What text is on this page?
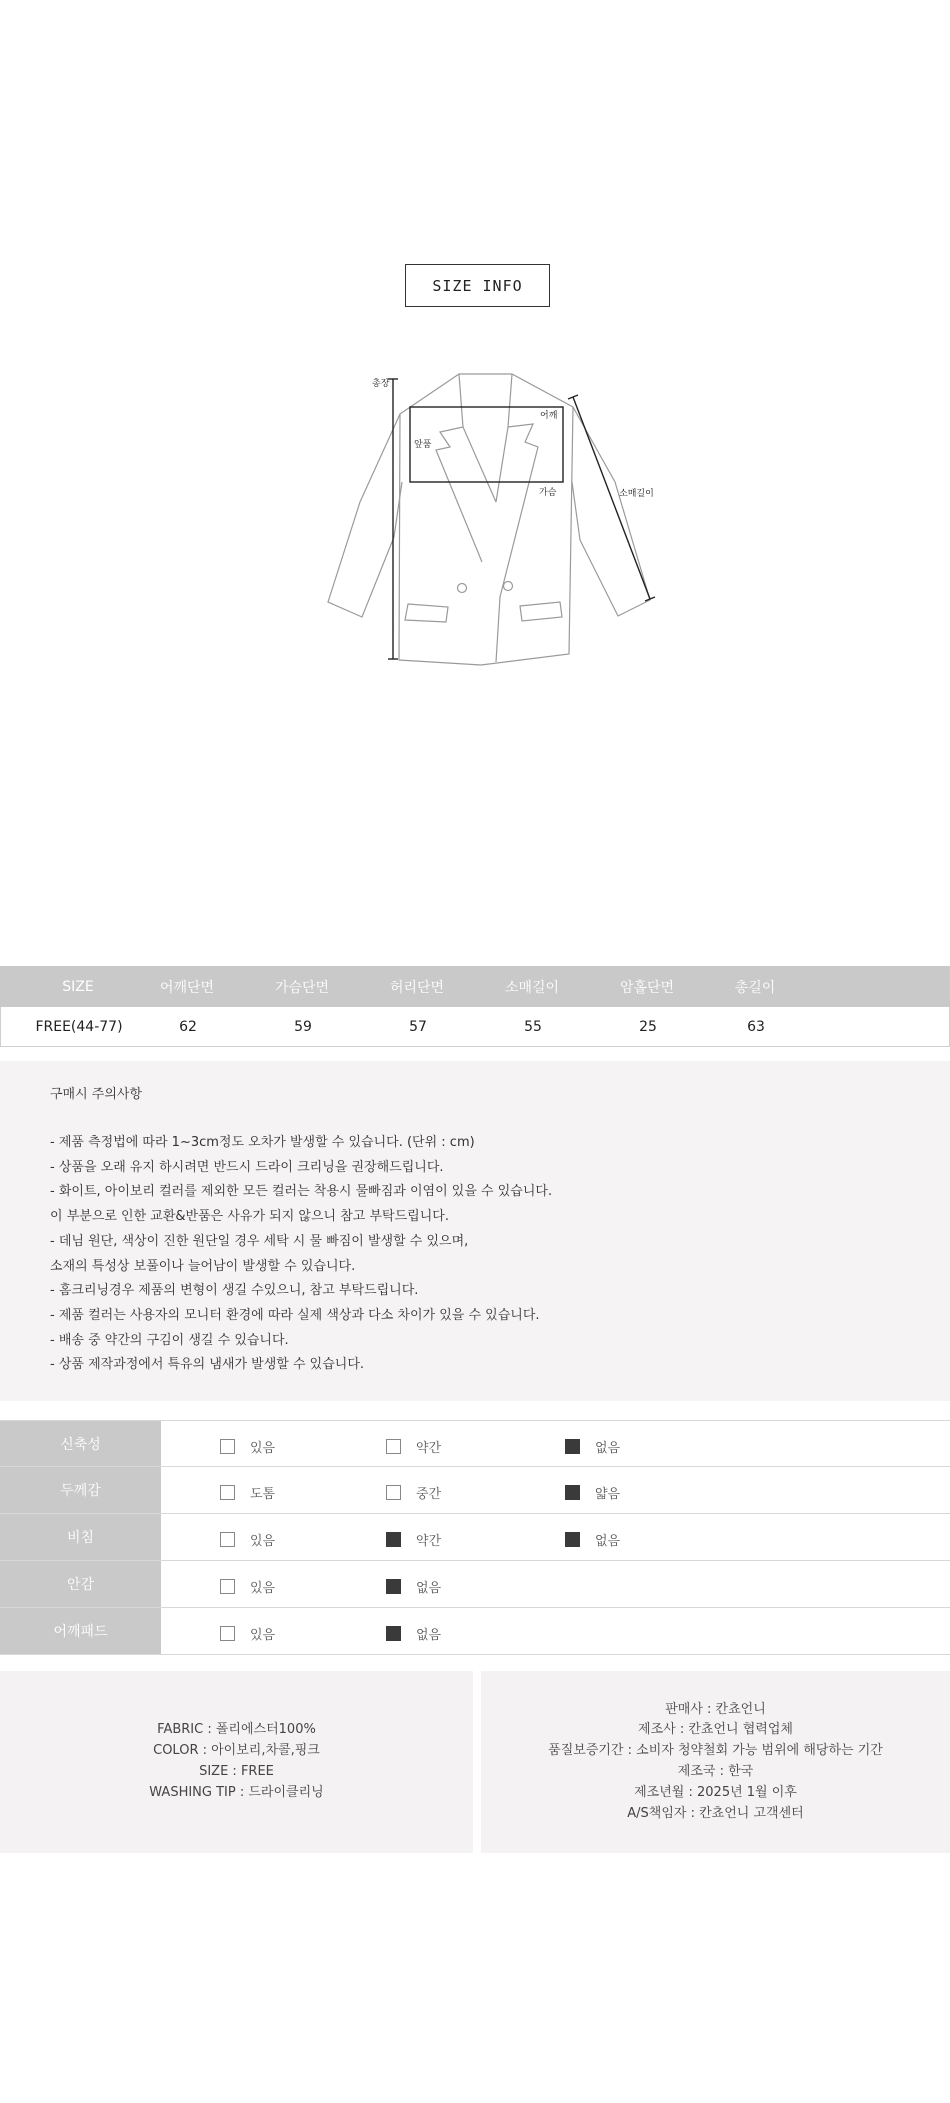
SIZE INFO
총장
어깨
앞품
가슴	소매길이
SIZE	어깨단면	가슴단면	허리단면	소매길이	암홀단면	총길이
FREE(44-77)	62	59	57	55	25	63
구매시 주의사항
- 제품 측정법에 따라 1~3cm정도 오차가 발생할 수 있습니다. (단위 : cm)
- 상품을 오래 유지 하시려면 반드시 드라이 크리닝을 권장해드립니다.
- 화이트, 아이보리 컬러를 제외한 모든 컬러는 착용시 물빠짐과 이염이 있을 수 있습니다.
이 부분으로 인한 교환&반품은 사유가 되지 않으니 참고 부탁드립니다.
- 데님 원단, 색상이 진한 원단일 경우 세탁 시 물 빠짐이 발생할 수 있으며,
소재의 특성상 보풀이나 늘어남이 발생할 수 있습니다.
- 홈크리닝경우 제품의 변형이 생길 수있으니, 참고 부탁드립니다.
- 제품 컬러는 사용자의 모니터 환경에 따라 실제 색상과 다소 차이가 있을 수 있습니다.
- 배송 중 약간의 구김이 생길 수 있습니다.
- 상품 제작과정에서 특유의 냄새가 발생할 수 있습니다.
신축성	있음	약간	없음
두께감	도톰	중간	얇음
비침	있음	약간	없음
안감	있음	없음
어깨패드	있음	없음
FABRIC : 폴리에스터100%
COLOR : 아이보리,차콜,핑크
SIZE : FREE
WASHING TIP : 드라이클리닝
판매사 : 칸쵸언니
제조사 : 칸쵸언니 협력업체
품질보증기간 : 소비자 청약철회 가능 범위에 해당하는 기간
제조국 : 한국
제조년월 : 2025년 1월 이후
A/S책임자 : 칸쵸언니 고객센터
